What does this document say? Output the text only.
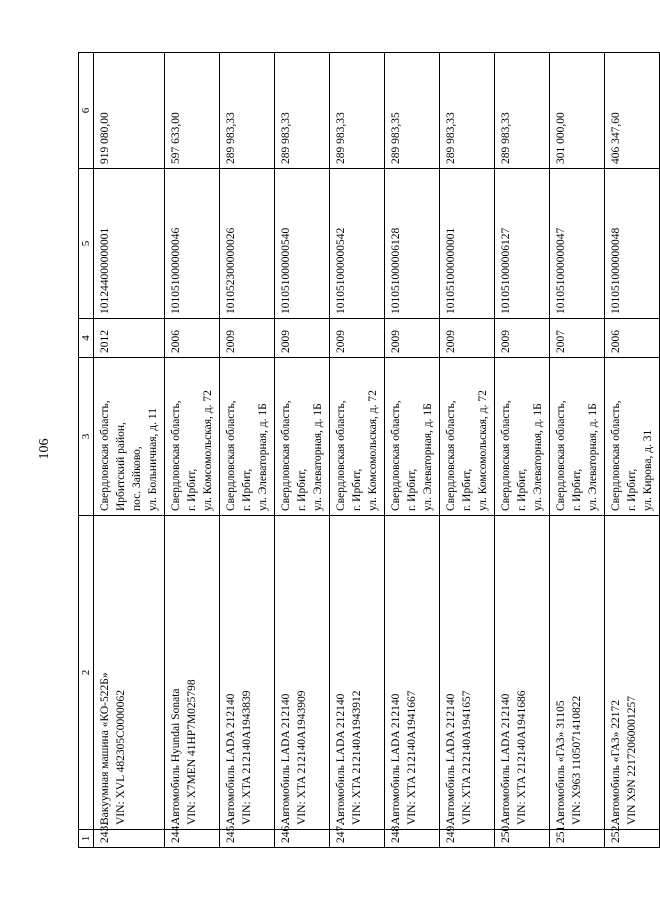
106
1	2	3	4	5	6
243.	Вакуумная машина «КО-522Б» VIN: XVL 482305С0000062	Свердловская область, Ирбитский район, пос. Зайково, ул. Больничная, д. 11	2012	101244000000001	919 080,00
244.	Автомобиль Hyundai Sonata VIN: X7MEN 41HP7M025798	Свердловская область, г. Ирбит, ул. Комсомольская, д. 72	2006	101051000000046	597 633,00
245.	Автомобиль LADA 212140 VIN: XTA 212140A1943839	Свердловская область, г. Ирбит, ул. Элеваторная, д. 1Б	2009	101052300000026	289 983,33
246.	Автомобиль LADA 212140 VIN: XTA 212140A1943909	Свердловская область, г. Ирбит, ул. Элеваторная, д. 1Б	2009	101051000000540	289 983,33
247.	Автомобиль LADA 212140 VIN: XTA 212140A1943912	Свердловская область, г. Ирбит, ул. Комсомольская, д. 72	2009	101051000000542	289 983,33
248.	Автомобиль LADA 212140 VIN: XTA 212140A1941667	Свердловская область, г. Ирбит, ул. Элеваторная, д. 1Б	2009	101051000006128	289 983,35
249.	Автомобиль LADA 212140 VIN: XTA 212140A1941657	Свердловская область, г. Ирбит, ул. Комсомольская, д. 72	2009	101051000000001	289 983,33
250.	Автомобиль LADA 212140 VIN: XTA 212140A1941686	Свердловская область, г. Ирбит, ул. Элеваторная, д. 1Б	2009	101051000006127	289 983,33
251.	Автомобиль «ГАЗ» 31105 VIN: X963 1105071410822	Свердловская область, г. Ирбит, ул. Элеваторная, д. 1Б	2007	101051000000047	301 000,00
252.	Автомобиль «ГАЗ» 22172 VIN X9N 22172060001257	Свердловская область, г. Ирбит, ул. Кирова, д. 31	2006	101051000000048	406 347,60
